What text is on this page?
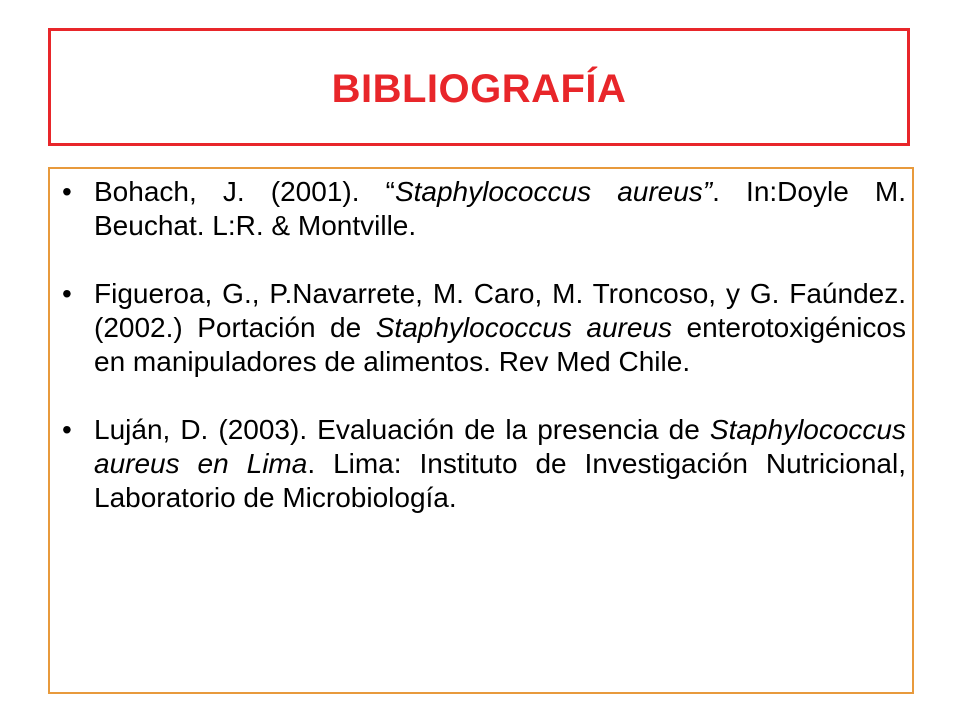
BIBLIOGRAFÍA
• Bohach, J. (2001). “Staphylococcus aureus”. In:Doyle M. Beuchat. L:R. & Montville.
• Figueroa, G., P.Navarrete, M. Caro, M. Troncoso, y G. Faúndez. (2002.) Portación de Staphylococcus aureus enterotoxigénicos en manipuladores de alimentos. Rev Med Chile.
• Luján, D. (2003). Evaluación de la presencia de Staphylococcus aureus en Lima. Lima: Instituto de Investigación Nutricional, Laboratorio de Microbiología.
